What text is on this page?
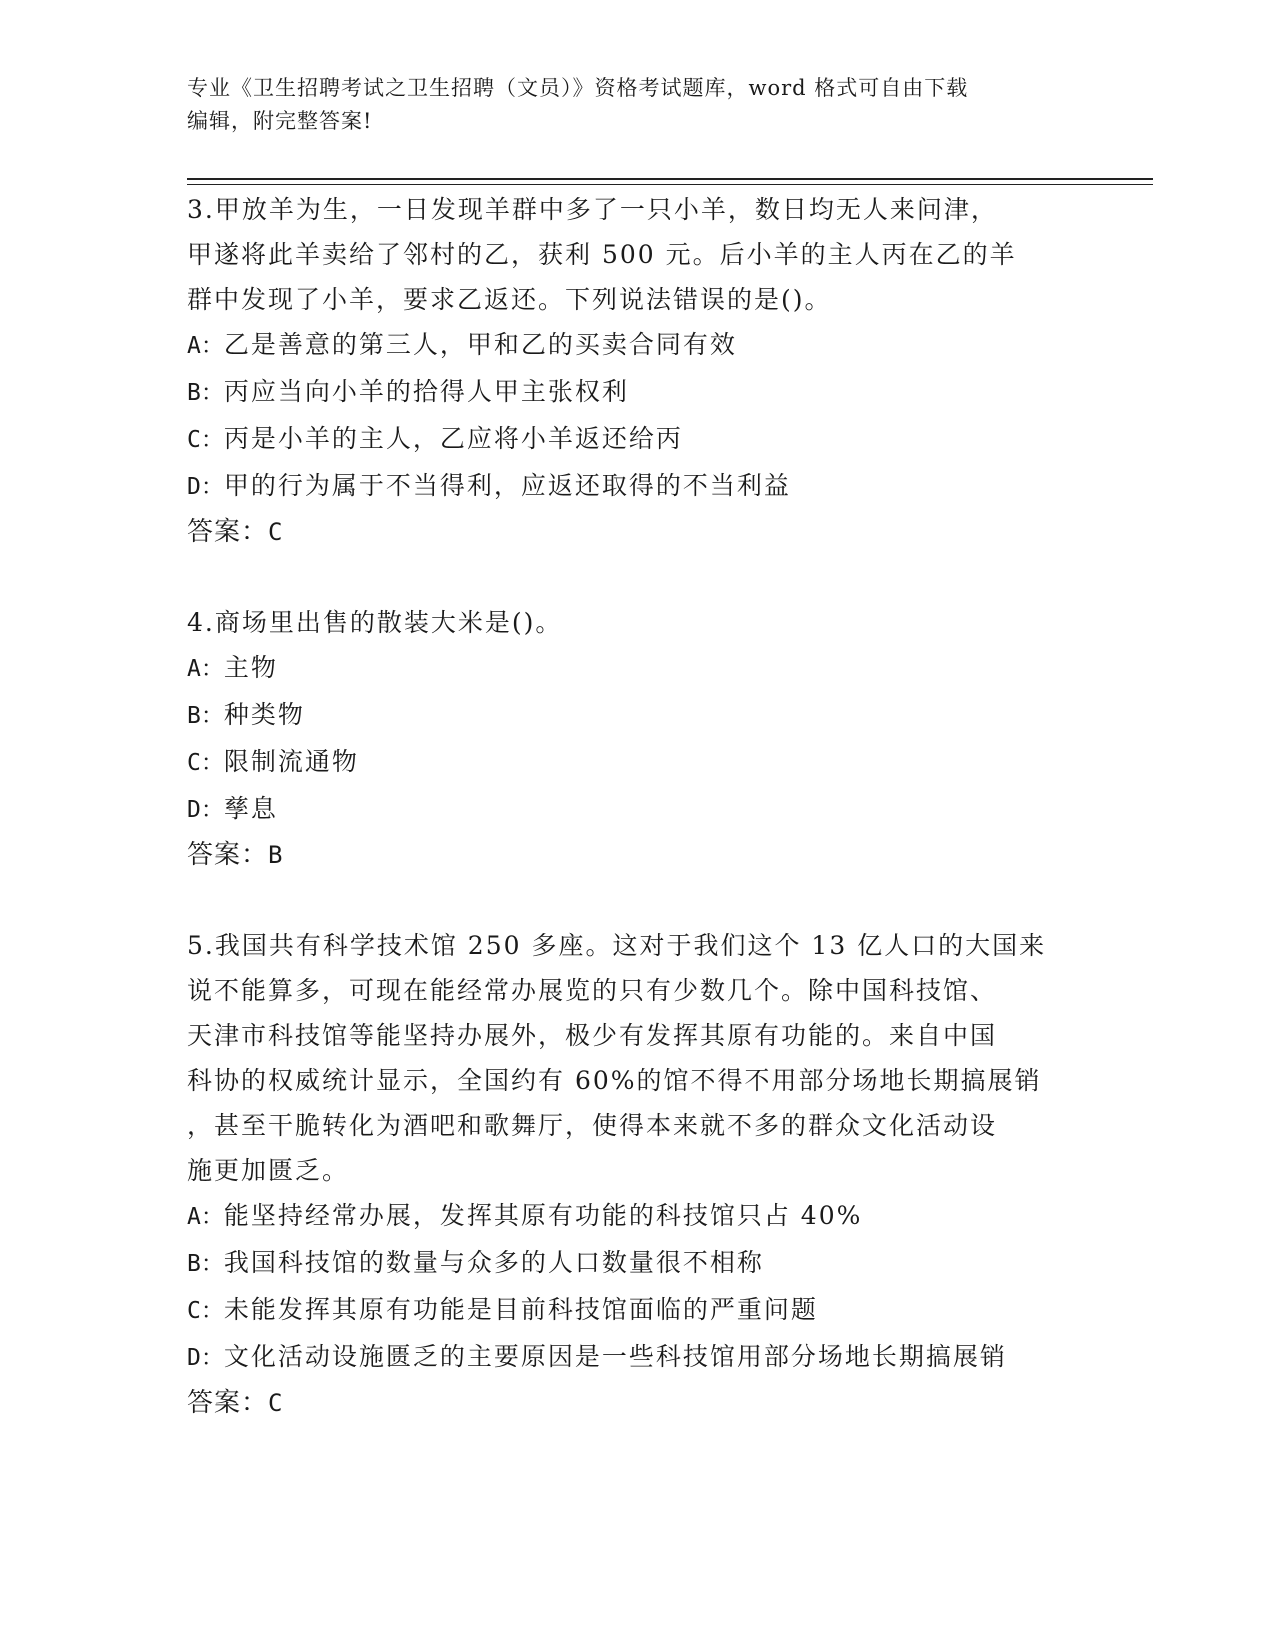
专业《卫生招聘考试之卫生招聘（文员）》资格考试题库，word 格式可自由下载
编辑，附完整答案!
3.甲放羊为生，一日发现羊群中多了一只小羊，数日均无人来问津，
甲遂将此羊卖给了邻村的乙，获利 500 元。后小羊的主人丙在乙的羊
群中发现了小羊，要求乙返还。下列说法错误的是()。
A：乙是善意的第三人，甲和乙的买卖合同有效
B：丙应当向小羊的拾得人甲主张权利
C：丙是小羊的主人，乙应将小羊返还给丙
D：甲的行为属于不当得利，应返还取得的不当利益
答案：C
4.商场里出售的散装大米是()。
A：主物
B：种类物
C：限制流通物
D：孳息
答案：B
5.我国共有科学技术馆 250 多座。这对于我们这个 13 亿人口的大国来
说不能算多，可现在能经常办展览的只有少数几个。除中国科技馆、
天津市科技馆等能坚持办展外，极少有发挥其原有功能的。来自中国
科协的权威统计显示，全国约有 60%的馆不得不用部分场地长期搞展销
，甚至干脆转化为酒吧和歌舞厅，使得本来就不多的群众文化活动设
施更加匮乏。
A：能坚持经常办展，发挥其原有功能的科技馆只占 40%
B：我国科技馆的数量与众多的人口数量很不相称
C：未能发挥其原有功能是目前科技馆面临的严重问题
D：文化活动设施匮乏的主要原因是一些科技馆用部分场地长期搞展销
答案：C
